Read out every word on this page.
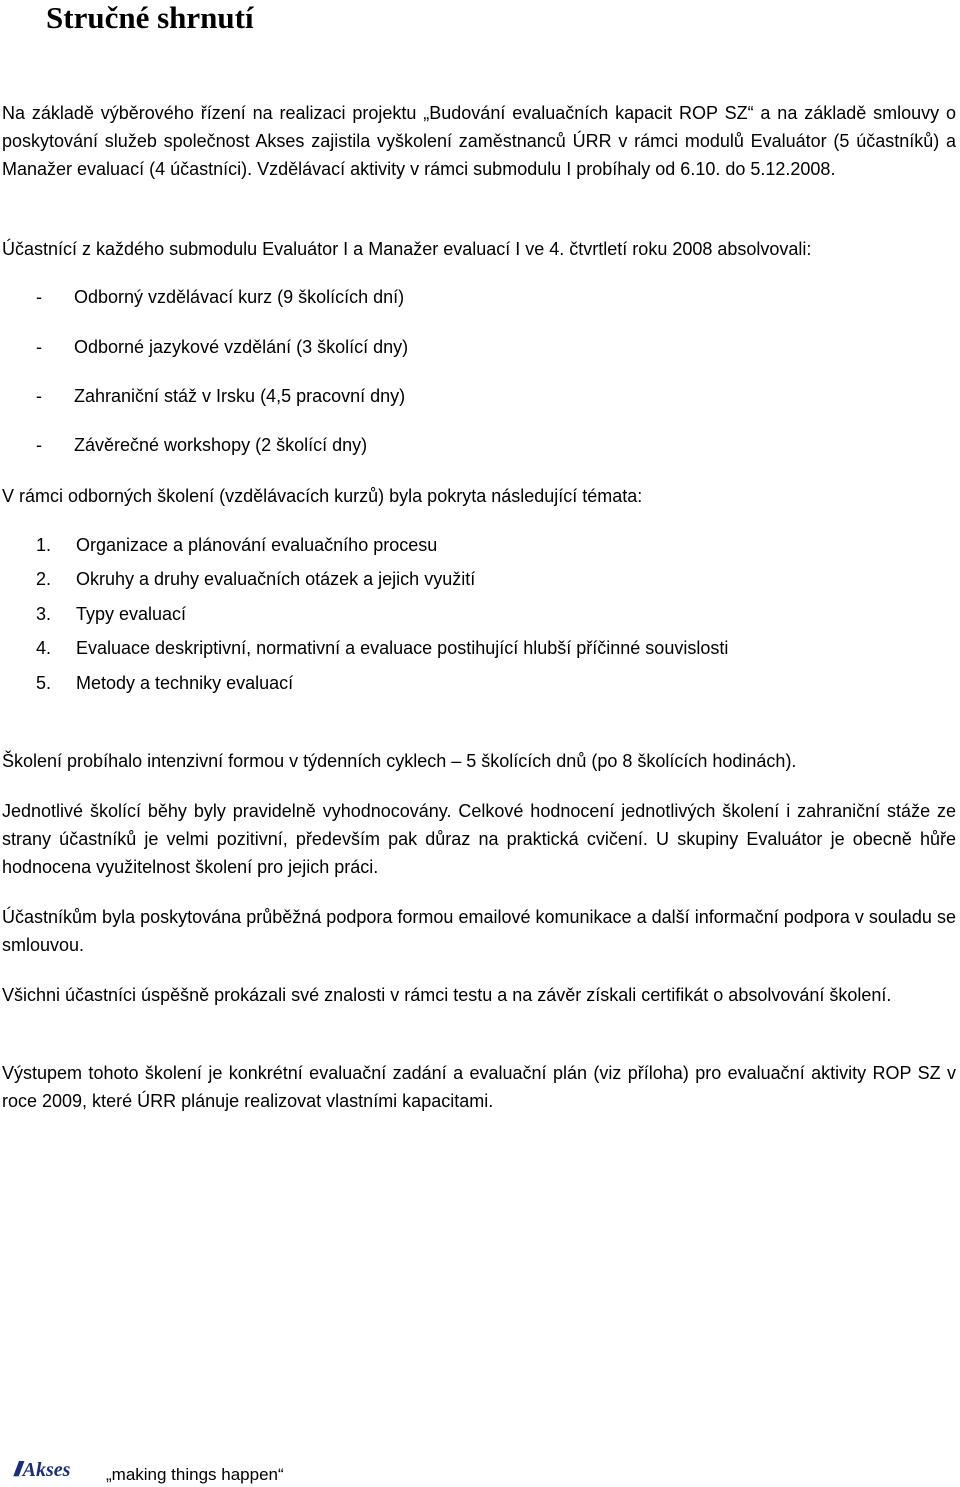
Stručné shrnutí

Na základě výběrového řízení na realizaci projektu „Budování evaluačních kapacit ROP SZ“ a na základě smlouvy o poskytování služeb společnost Akses zajistila vyškolení zaměstnanců ÚRR v rámci modulů Evaluátor (5 účastníků) a Manažer evaluací (4 účastníci). Vzdělávací aktivity v rámci submodulu I probíhaly od 6.10. do 5.12.2008.

Účastnící z každého submodulu Evaluátor I a Manažer evaluací I ve 4. čtvrtletí roku 2008 absolvovali:

- Odborný vzdělávací kurz (9 školících dní)

- Odborné jazykové vzdělání (3 školící dny)

- Zahraniční stáž v Irsku (4,5 pracovní dny)

- Závěrečné workshopy (2 školící dny)

V rámci odborných školení (vzdělávacích kurzů) byla pokryta následující témata:

1. Organizace a plánování evaluačního procesu

2. Okruhy a druhy evaluačních otázek a jejich využití

3. Typy evaluací

4. Evaluace deskriptivní, normativní a evaluace postihující hlubší příčinné souvislosti

5. Metody a techniky evaluací

Školení probíhalo intenzivní formou v týdenních cyklech – 5 školících dnů (po 8 školících hodinách).

Jednotlivé školící běhy byly pravidelně vyhodnocovány. Celkové hodnocení jednotlivých školení i zahraniční stáže ze strany účastníků je velmi pozitivní, především pak důraz na praktická cvičení. U skupiny Evaluátor je obecně hůře hodnocena využitelnost školení pro jejich práci.

Účastníkům byla poskytována průběžná podpora formou emailové komunikace a další informační podpora v souladu se smlouvou.

Všichni účastníci úspěšně prokázali své znalosti v rámci testu a na závěr získali certifikát o absolvování školení.

Výstupem tohoto školení je konkrétní evaluační zadání a evaluační plán (viz příloha) pro evaluační aktivity ROP SZ v roce 2009, které ÚRR plánuje realizovat vlastními kapacitami.

/// Akses „making things happen“
